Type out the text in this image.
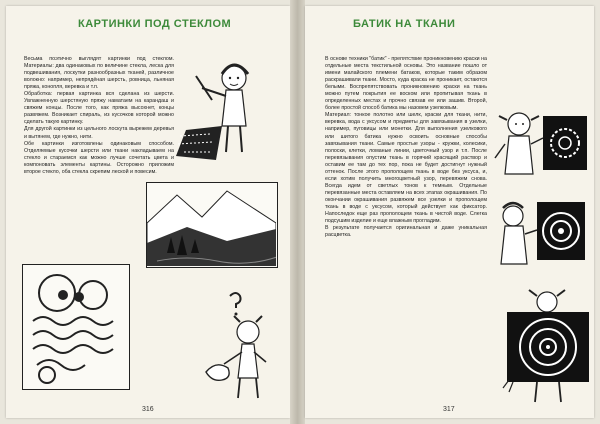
КАРТИНКИ ПОД СТЕКЛОМ

Весьма поэтично выглядят картинки под стеклом. Материалы: два одинаковых по величине стекла, леска для подвешивания, лоскутки разнообразных тканей, различное волокно: например, непрядёная шерсть, ровница, льняная пряжа, конопля, веревка и т.п.

Обработка: первая картинка вся сделана из шерсти. Увлажненную шерстяную пряжу наматаем на карандаш и свяжем концы. После того, как пряжа высохнет, концы развяжем. Возникает спираль, из кусочков которой можно сделать такую картинку.

Для другой картинки из цельного лоскута вырежем деревья и вытянем, где нужно, нити.

Обе картинки изготовлены одинаковым способом. Отделяемые кусочки шерсти или ткани накладываем на стекло и стараемся как можно лучше сочетать цвета и компоновать элементы картины. Осторожно приложим второе стекло, оба стекла скрепим леской и повесим.

316
БАТИК НА ТКАНИ

В основе техники "батик" - препятствие проникновению краски на отдельные места текстильной основы. Это название пошло от имени малайского племени батаков, которые таким образом раскрашивали ткани. Мосто, куда краска не проникает, остаются белыми. Воспрепятствовать проникновению краски на ткань можно путем покрытия ее воском или пропитывая ткань в определенных местах и прочно связав ее или зашив. Второй, более простой способ батика мы назовем узелковым.

Материал: тонкое полотно или шелк, краски для ткани, нити, веревка, вода с уксусом и предметы для завязывания в узелки, например, пуговицы или монетки. Для выполнения узелкового или шитого батика нужно освоить основные способы завязывания ткани. Самые простые узоры - кружки, колесики, полоски, клетки, ломаные линии, цветочный узор и т.п. После перевязывания опустим ткань в горячий красящий раствор и оставим ее там до тех пор, пока не будет достигнут нужный оттенок. После этого прополощем ткань в воде без уксуса, и, если хотим получить многоцветный узор, перевяжем снова. Всегда идем от светлых тонов к темным. Отдельные перевязанные места оставляем на всех этапах окрашивания. По окончании окрашивания развяжем все узелки и прополощем ткань в воде с уксусом, который действует как фиксатор. Напоследок еще раз прополощем ткань в чистой воде. Слегка подсушим изделие и еще влажным прогладим.

В результате получается оригинальная и даже уникальная расцветка.

317
